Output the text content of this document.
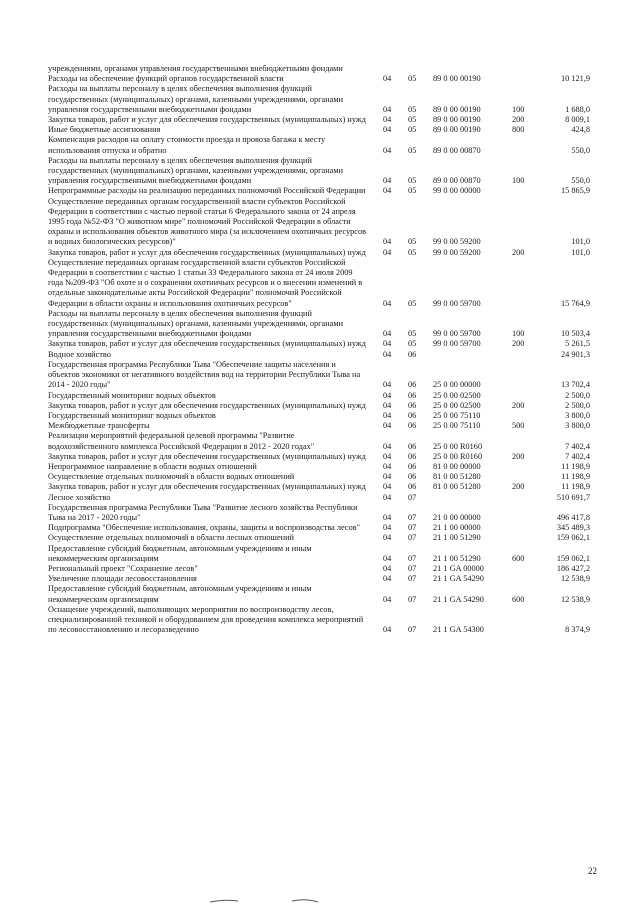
учреждениями, органами управления государственными внебюджетными фондами
Расходы на обеспечение функций органов государственной власти	04 05 89 0 00 00190	10 121,9
Расходы на выплаты персоналу в целях обеспечения выполнения функций государственных (муниципальных) органами, казенными учреждениями, органами управления государственными внебюджетными фондами	04 05 89 0 00 00190	100	1 688,0
Закупка товаров, работ и услуг для обеспечения государственных (муниципальных) нужд 04 05 89 0 00 00190	200	8 009,1
Иные бюджетные ассигнования	04 05 89 0 00 00190	800	424,8
Компенсация расходов на оплату стоимости проезда и провоза багажа к месту использования отпуска и обратно	04 05 89 0 00 00870	550,0
Расходы на выплаты персоналу в целях обеспечения выполнения функций государственных (муниципальных) органами, казенными учреждениями, органами управления государственными внебюджетными фондами	04 05 89 0 00 00870	100	550,0
Непрограммные расходы на реализацию переданных полномочий Российской Федерации 04 05 99 0 00 00000	15 865,9
Осуществление переданных органам государственной власти субъектов Российской Федерации в соответствии с частью первой статьи 6 Федерального закона от 24 апреля 1995 года №52-ФЗ "О животном мире" полномочий Российской Федерации в области охраны и использования объектов животного мира (за исключением охотничьих ресурсов и водных биологических ресурсов)"	04 05 99 0 00 59200	101,0
Закупка товаров, работ и услуг для обеспечения государственных (муниципальных) нужд 04 05 99 0 00 59200	200	101,0
Осуществление переданных органам государственной власти субъектов Российской Федерации в соответствии с частью 1 статьи 33 Федерального закона от 24 июля 2009 года №209-ФЗ "Об охоте и о сохранении охотничьих ресурсов и о внесении изменений в отдельные законодательные акты Российской Федерации" полномочий Российской Федерации в области охраны и использования охотничьих ресурсов"	04 05 99 0 00 59700	15 764,9
Расходы на выплаты персоналу в целях обеспечения выполнения функций государственных (муниципальных) органами, казенными учреждениями, органами управления государственными внебюджетными фондами	04 05 99 0 00 59700	100	10 503,4
Закупка товаров, работ и услуг для обеспечения государственных (муниципальных) нужд 04 05 99 0 00 59700	200	5 261,5
Водное хозяйство	04 06	24 901,3
Государственная программа Республики Тыва "Обеспечение защиты населения и объектов экономики от негативного воздействия вод на территории Республики Тыва на 2014 - 2020 годы"	04 06 25 0 00 00000	13 702,4
Государственный мониторинг водных объектов	04 06 25 0 00 02500	2 500,0
Закупка товаров, работ и услуг для обеспечения государственных (муниципальных) нужд 04 06 25 0 00 02500	200	2 500,0
Государственный мониторинг водных объектов	04 06 25 0 00 75110	3 800,0
Межбюджетные трансферты	04 06 25 0 00 75110	500	3 800,0
Реализация мероприятий федеральной целевой программы "Развитие водохозяйственного комплекса Российской Федерации в 2012 - 2020 годах"	04 06 25 0 00 R0160	7 402,4
Закупка товаров, работ и услуг для обеспечения государственных (муниципальных) нужд 04 06 25 0 00 R0160	200	7 402,4
Непрограммное направление в области водных отношений	04 06 81 0 00 00000	11 198,9
Осуществление отдельных полномочий в области водных отношений	04 06 81 0 00 51280	11 198,9
Закупка товаров, работ и услуг для обеспечения государственных (муниципальных) нужд 04 06 81 0 00 51280	200	11 198,9
Лесное хозяйство	04 07	510 691,7
Государственная программа Республики Тыва "Развитие лесного хозяйства Республики Тыва на 2017 - 2020 годы"	04 07 21 0 00 00000	496 417,8
Подпрограмма "Обеспечение использования, охраны, защиты и воспроизводства лесов"	04 07 21 1 00 00000	345 489,3
Осуществление отдельных полномочий в области лесных отношений	04 07 21 1 00 51290	159 062,1
Предоставление субсидий бюджетным, автономным учреждениям и иным некоммерческим организациям	04 07 21 1 00 51290	600	159 062,1
Региональный проект "Сохранение лесов"	04 07 21 1 GA 00000	186 427,2
Увеличение площади лесовосстановления	04 07 21 1 GA 54290	12 538,9
Предоставление субсидий бюджетным, автономным учреждениям и иным некоммерческим организациям	04 07 21 1 GA 54290	600	12 538,9
Оснащение учреждений, выполняющих мероприятия по воспроизводству лесов, специализированной техникой и оборудованием для проведения комплекса мероприятий по лесовосстановлению и лесоразведению	04 07 21 1 GA 54300	8 374,9
22
